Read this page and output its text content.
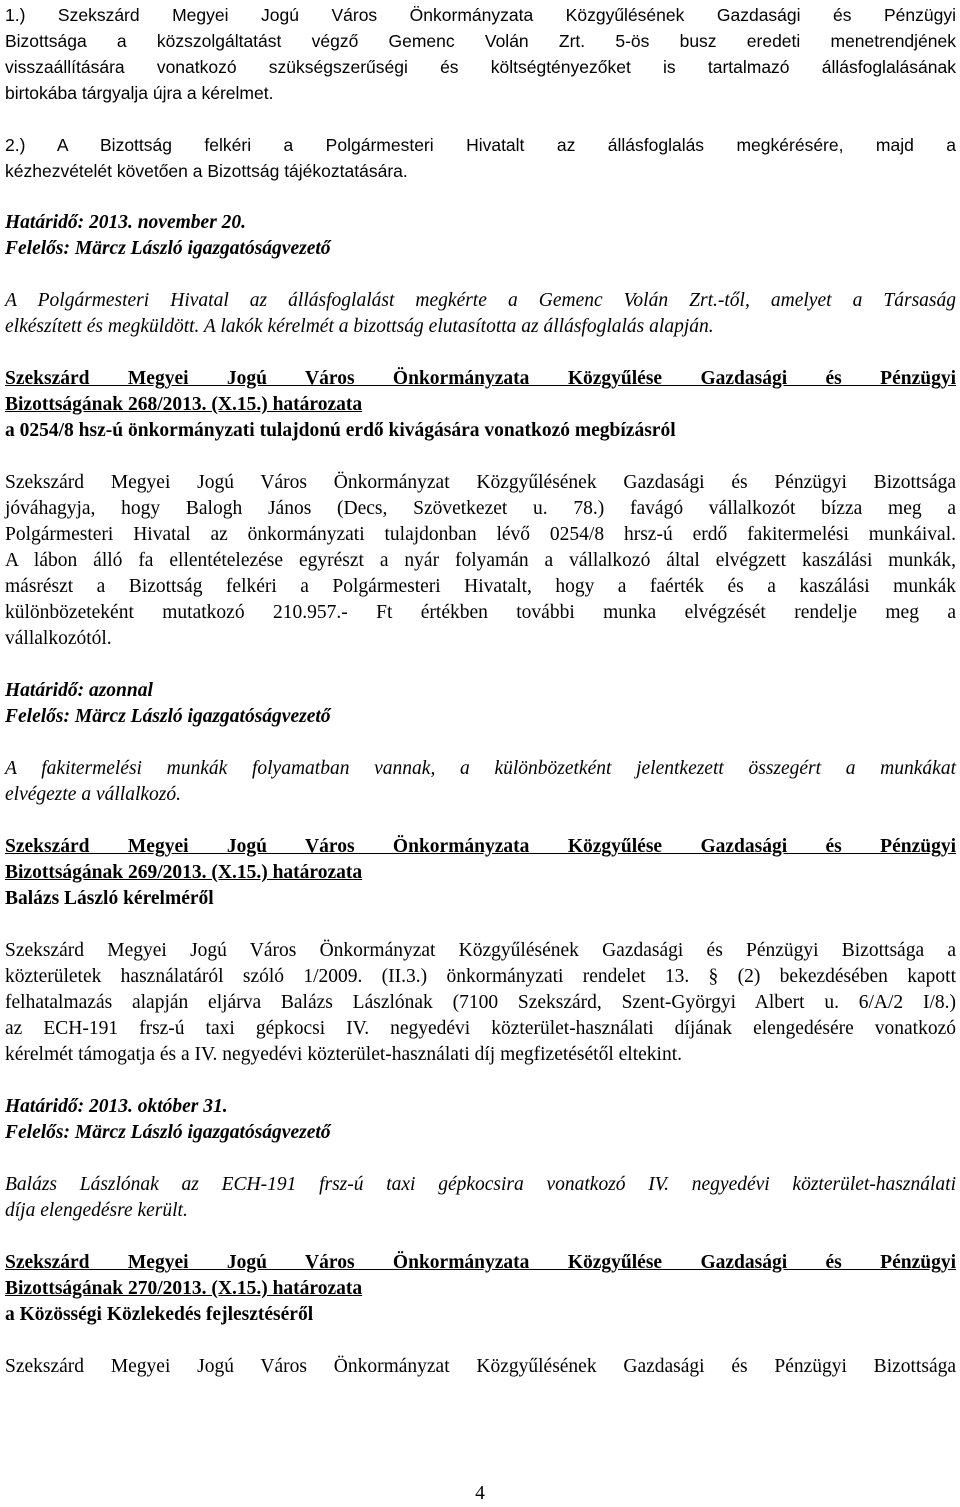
1.) Szekszárd Megyei Jogú Város Önkormányzata Közgyűlésének Gazdasági és Pénzügyi
Bizottsága a közszolgáltatást végző Gemenc Volán Zrt. 5-ös busz eredeti menetrendjének
visszaállítására vonatkozó szükségszerűségi és költségtényezőket is tartalmazó állásfoglalásának
birtokába tárgyalja újra a kérelmet.

2.) A Bizottság felkéri a Polgármesteri Hivatalt az állásfoglalás megkérésére, majd a
kézhezvételét követően a Bizottság tájékoztatására.

Határidő: 2013. november 20.

Felelős: Märcz László igazgatóságvezető

A Polgármesteri Hivatal az állásfoglalást megkérte a Gemenc Volán Zrt.-től, amelyet a Társaság
elkészített és megküldött. A lakók kérelmét a bizottság elutasította az állásfoglalás alapján.

Szekszárd Megyei Jogú Város Önkormányzata Közgyűlése Gazdasági és Pénzügyi
Bizottságának 268/2013. (X.15.) határozata

a 0254/8 hsz-ú önkormányzati tulajdonú erdő kivágására vonatkozó megbízásról

Szekszárd Megyei Jogú Város Önkormányzat Közgyűlésének Gazdasági és Pénzügyi Bizottsága
jóváhagyja, hogy Balogh János (Decs, Szövetkezet u. 78.) favágó vállalkozót bízza meg a
Polgármesteri Hivatal az önkormányzati tulajdonban lévő 0254/8 hrsz-ú erdő fakitermelési munkáival.
A lábon álló fa ellentételezése egyrészt a nyár folyamán a vállalkozó által elvégzett kaszálási munkák,
másrészt a Bizottság felkéri a Polgármesteri Hivatalt, hogy a faérték és a kaszálási munkák
különbözeteként mutatkozó 210.957.- Ft értékben további munka elvégzését rendelje meg a
vállalkozótól.

Határidő: azonnal

Felelős: Märcz László igazgatóságvezető

A fakitermelési munkák folyamatban vannak, a különbözetként jelentkezett összegért a munkákat
elvégezte a vállalkozó.

Szekszárd Megyei Jogú Város Önkormányzata Közgyűlése Gazdasági és Pénzügyi
Bizottságának 269/2013. (X.15.) határozata

Balázs László kérelméről

Szekszárd Megyei Jogú Város Önkormányzat Közgyűlésének Gazdasági és Pénzügyi Bizottsága a
közterületek használatáról szóló 1/2009. (II.3.) önkormányzati rendelet 13. § (2) bekezdésében kapott
felhatalmazás alapján eljárva Balázs Lászlónak (7100 Szekszárd, Szent-Györgyi Albert u. 6/A/2 I/8.)
az ECH-191 frsz-ú taxi gépkocsi IV. negyedévi közterület-használati díjának elengedésére vonatkozó
kérelmét támogatja és a IV. negyedévi közterület-használati díj megfizetésétől eltekint.

Határidő: 2013. október 31.

Felelős: Märcz László igazgatóságvezető

Balázs Lászlónak az ECH-191 frsz-ú taxi gépkocsira vonatkozó IV. negyedévi közterület-használati
díja elengedésre került.

Szekszárd Megyei Jogú Város Önkormányzata Közgyűlése Gazdasági és Pénzügyi
Bizottságának 270/2013. (X.15.) határozata

a Közösségi Közlekedés fejlesztéséről

Szekszárd Megyei Jogú Város Önkormányzat Közgyűlésének Gazdasági és Pénzügyi Bizottsága

4
